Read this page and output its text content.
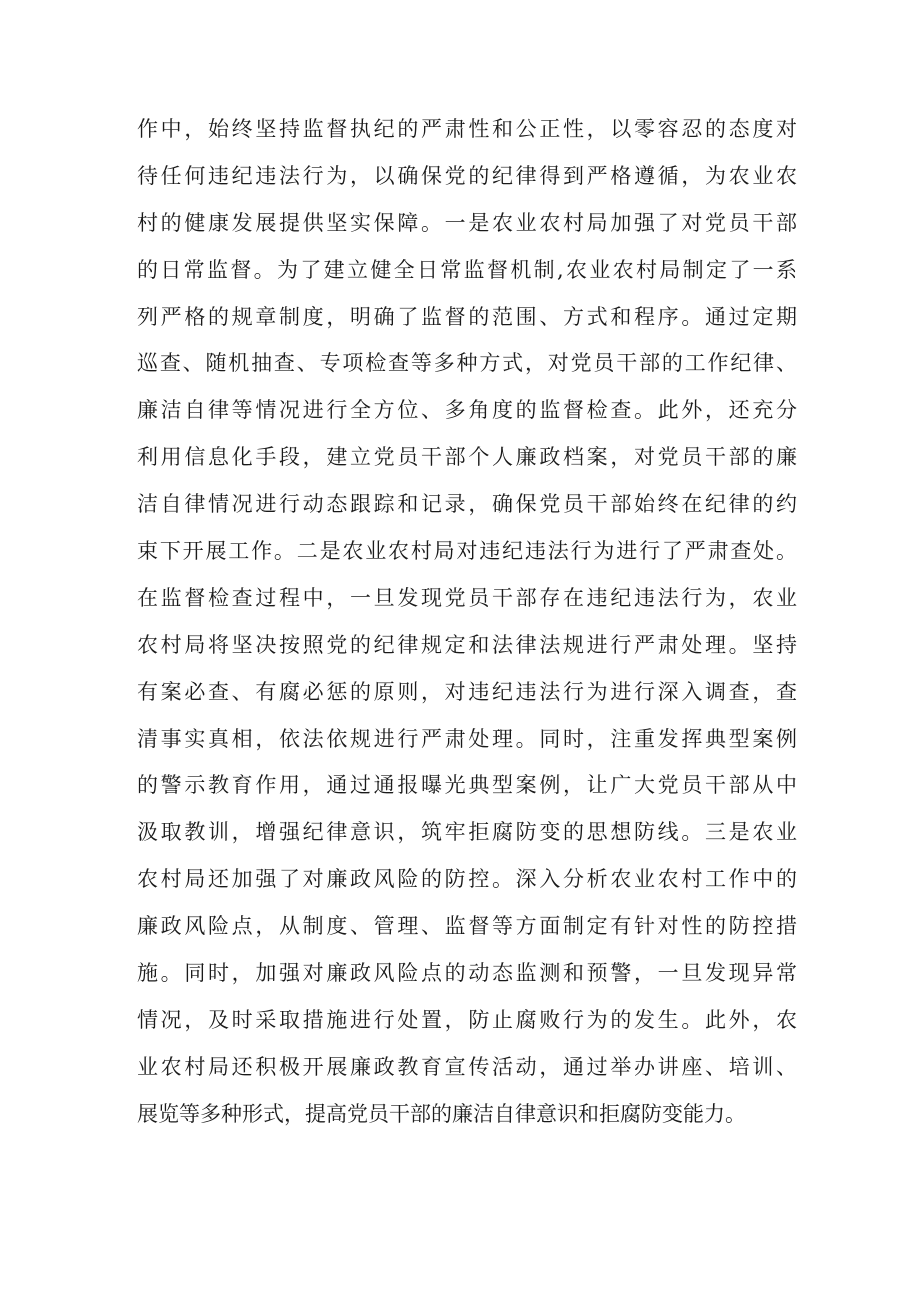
作中，始终坚持监督执纪的严肃性和公正性，以零容忍的态度对
待任何违纪违法行为，以确保党的纪律得到严格遵循，为农业农
村的健康发展提供坚实保障。一是农业农村局加强了对党员干部
的日常监督。为了建立健全日常监督机制,农业农村局制定了一系
列严格的规章制度，明确了监督的范围、方式和程序。通过定期
巡查、随机抽查、专项检查等多种方式，对党员干部的工作纪律、
廉洁自律等情况进行全方位、多角度的监督检查。此外，还充分
利用信息化手段，建立党员干部个人廉政档案，对党员干部的廉
洁自律情况进行动态跟踪和记录，确保党员干部始终在纪律的约
束下开展工作。二是农业农村局对违纪违法行为进行了严肃查处。
在监督检查过程中，一旦发现党员干部存在违纪违法行为，农业
农村局将坚决按照党的纪律规定和法律法规进行严肃处理。坚持
有案必查、有腐必惩的原则，对违纪违法行为进行深入调查，查
清事实真相，依法依规进行严肃处理。同时，注重发挥典型案例
的警示教育作用，通过通报曝光典型案例，让广大党员干部从中
汲取教训，增强纪律意识，筑牢拒腐防变的思想防线。三是农业
农村局还加强了对廉政风险的防控。深入分析农业农村工作中的
廉政风险点，从制度、管理、监督等方面制定有针对性的防控措
施。同时，加强对廉政风险点的动态监测和预警，一旦发现异常
情况，及时采取措施进行处置，防止腐败行为的发生。此外，农
业农村局还积极开展廉政教育宣传活动，通过举办讲座、培训、
展览等多种形式，提高党员干部的廉洁自律意识和拒腐防变能力。
